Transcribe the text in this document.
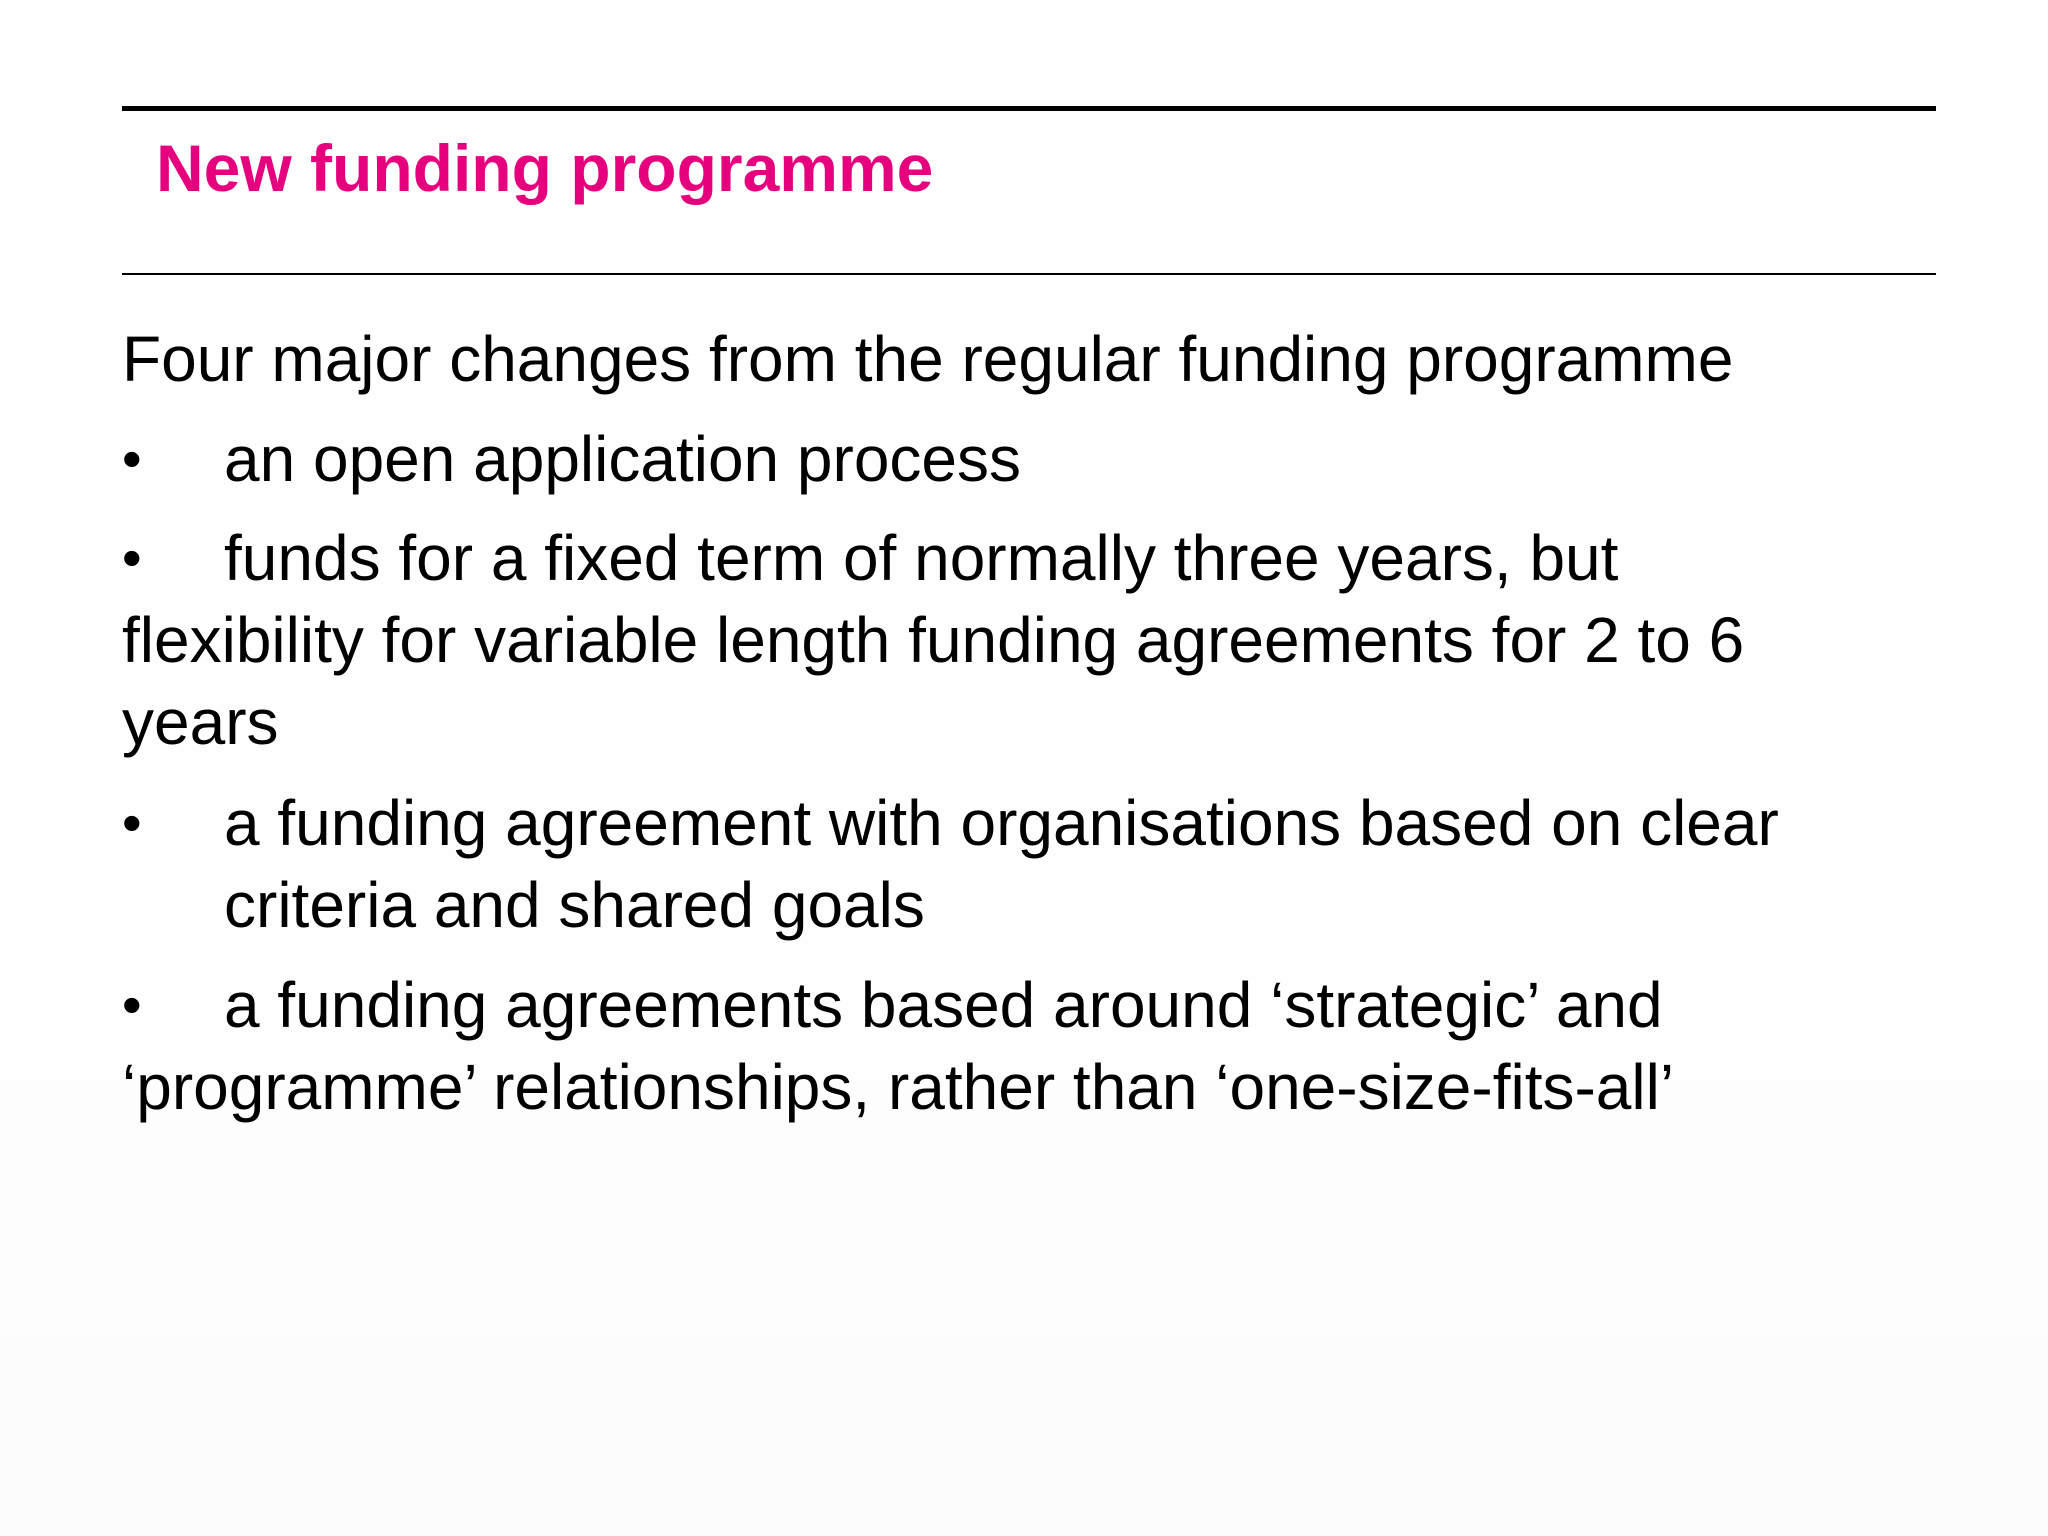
New funding programme
Four major changes from the regular funding programme
• an open application process
• funds for a fixed term of normally three years, but
flexibility for variable length funding agreements for 2 to 6
years
• a funding agreement with organisations based on clear
criteria and shared goals
• a funding agreements based around ‘strategic’ and
‘programme’ relationships, rather than ‘one-size-fits-all’
